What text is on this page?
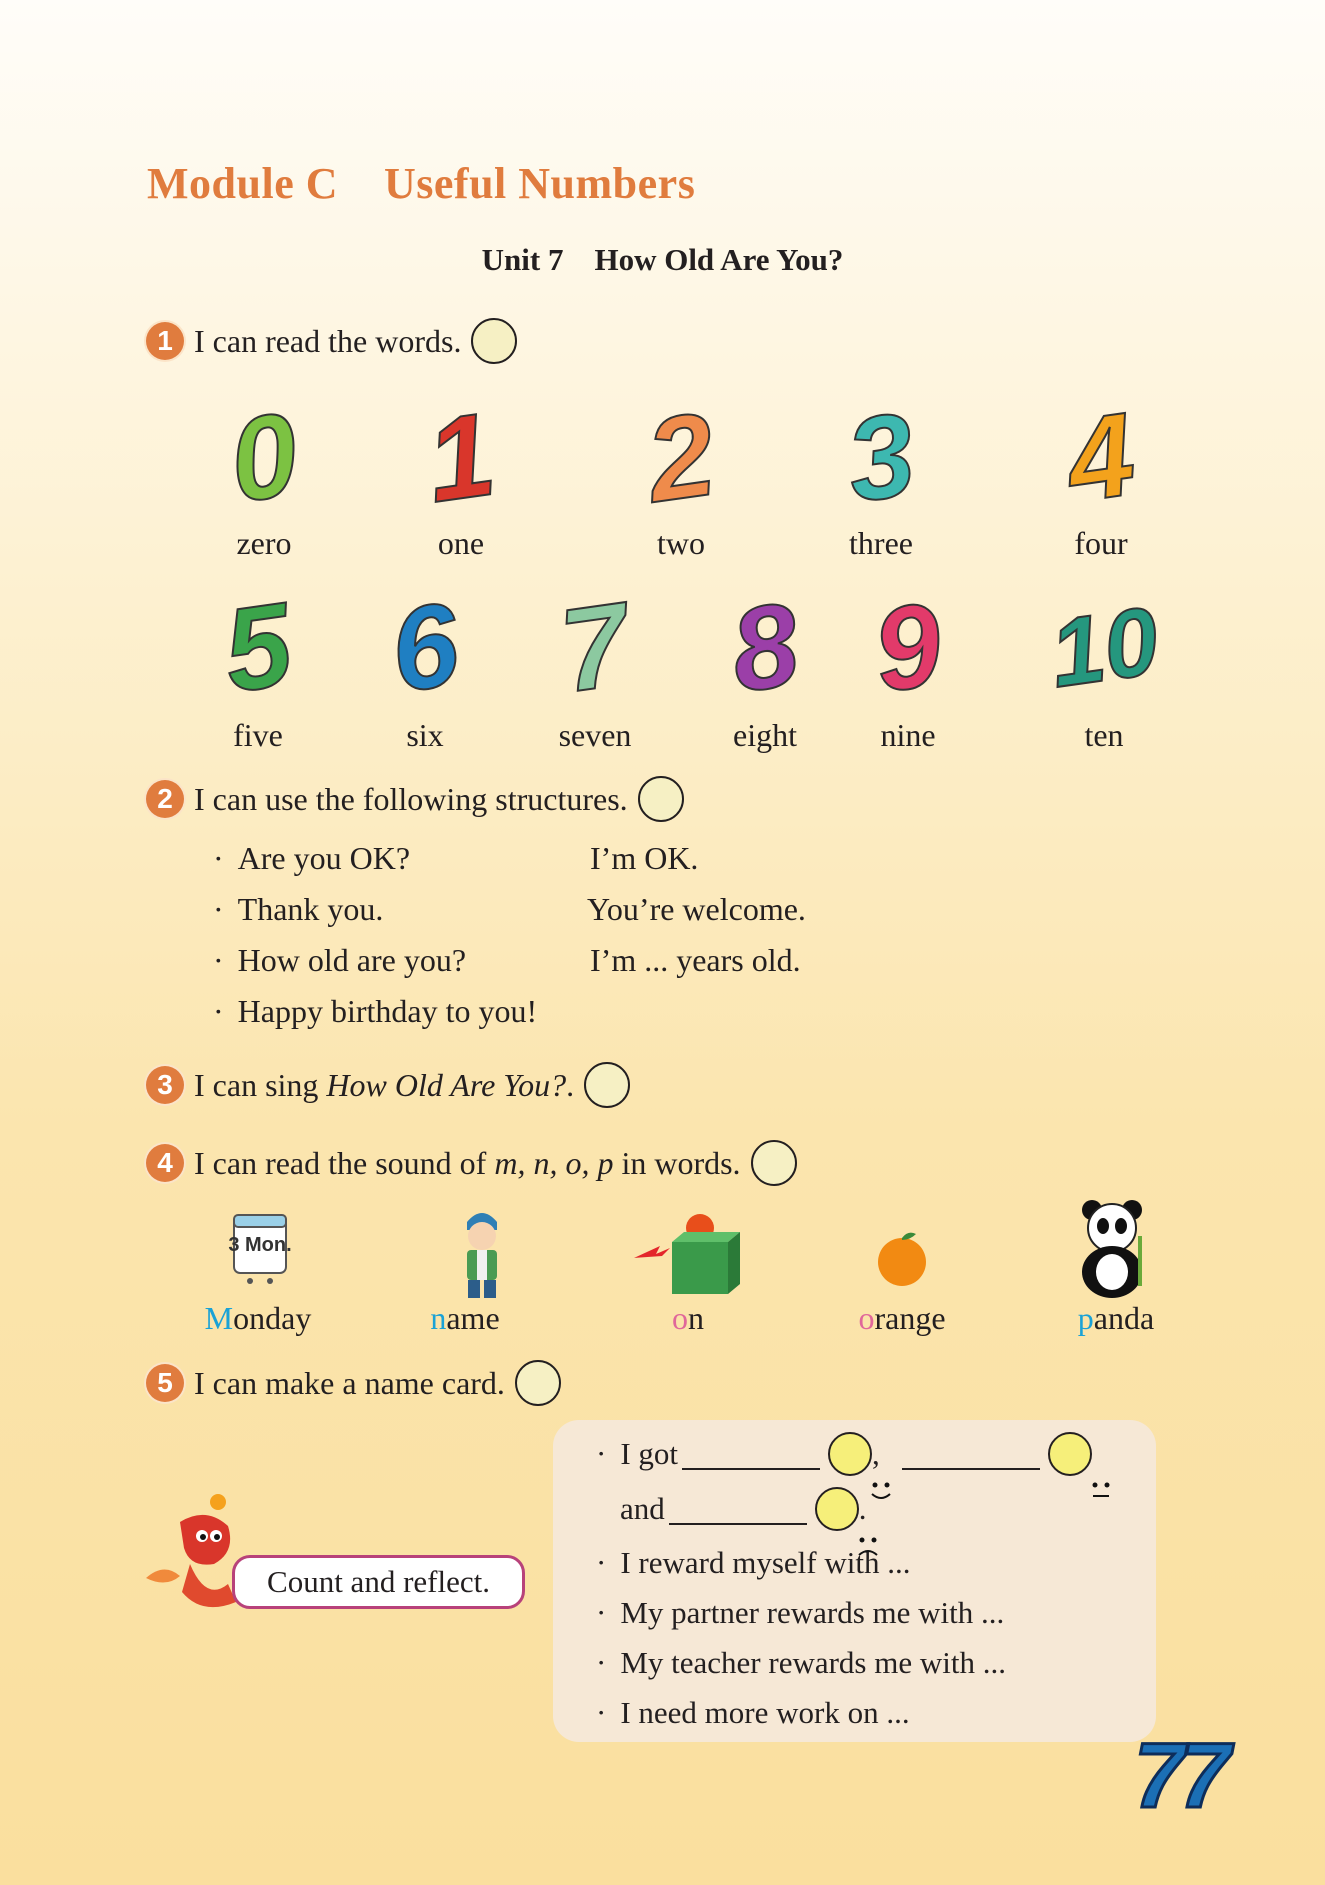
Module C    Useful Numbers
Unit 7    How Old Are You?
1 I can read the words.
0
zero
1
one
2
two
3
three
4
four
5
five
6
six
7
seven
8
eight
9
nine
10
ten
2 I can use the following structures.
· Are you OK?	I’m OK.
· Thank you.	You’re welcome.
· How old are you?	I’m ... years old.
· Happy birthday to you!
3 I can sing How Old Are You? .
4 I can read the sound of m, n, o, p in words.
3 Mon.
Monday	name	on	orange	panda
5 I can make a name card.
Count and reflect.
· I got

	,

and

	.
· I reward myself with ...
· My partner rewards me with ...
· My teacher rewards me with ...
· I need more work on ...
77
